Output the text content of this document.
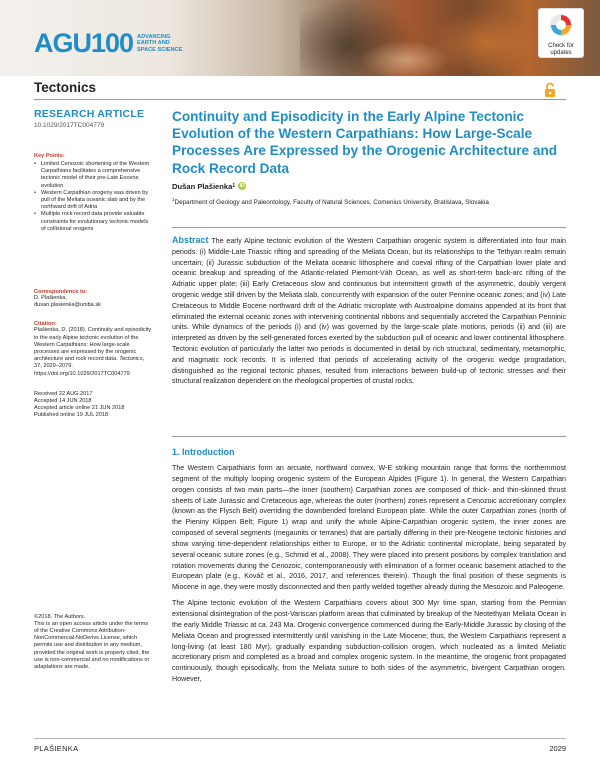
AGU100 ADVANCING
EARTH AND
SPACE SCIENCE
Check for
updates
Tectonics
RESEARCH ARTICLE
10.1029/2017TC004779
Key Points:
• Limited Cenozoic shortening of the Western Carpathians facilitates a comprehensive tectonic model of their pre-Late Eocene evolution
• Western Carpathian orogeny was driven by pull of the Meliata oceanic slab and by the northward drift of Adria
• Multiple rock record data provide valuable constraints for evolutionary tectonic models of collisional orogens
Correspondence to:
D. Plašienka,
dusan.plasienka@uniba.sk
Citation:
Plašienka, D. (2018). Continuity and episodicity in the early Alpine tectonic evolution of the Western Carpathians: How large-scale processes are expressed by the orogenic architecture and rock record data. Tectonics, 37, 2029–2079. https://doi.org/10.1029/2017TC004779
Received 22 AUG 2017
Accepted 14 JUN 2018
Accepted article online 21 JUN 2018
Published online 19 JUL 2018
©2018. The Authors.
This is an open access article under the terms of the Creative Commons Attribution-NonCommercial-NoDerivs License, which permits use and distribution in any medium, provided the original work is properly cited, the use is non-commercial and no modifications or adaptations are made.
Continuity and Episodicity in the Early Alpine Tectonic Evolution of the Western Carpathians: How Large-Scale Processes Are Expressed by the Orogenic Architecture and Rock Record Data
Dušan Plašienka 1 iD
$^1$Department of Geology and Paleontology, Faculty of Natural Sciences, Comenius University, Bratislava, Slovakia
Abstract The early Alpine tectonic evolution of the Western Carpathian orogenic system is differentiated into four main periods: (i) Middle-Late Triassic rifting and spreading of the Meliata Ocean, but its relationships to the Tethyan realm remain uncertain; (ii) Jurassic subduction of the Meliata oceanic lithosphere and coeval rifting of the Carpathian lower plate and oceanic breakup and spreading of the Atlantic-related Piemont-Váh Ocean, as well as short-term back-arc rifting of the Adriatic upper plate; (iii) Early Cretaceous slow and continuous but intermittent growth of the asymmetric, doubly vergent orogenic wedge still driven by the Meliata slab, concurrently with expansion of the outer Pennine oceanic zones; and (iv) Late Cretaceous to Middle Eocene northward drift of the Adriatic microplate with Austroalpine domains appended at its front that eliminated the external oceanic zones with intervening continental ribbons and sequentially accreted the Carpathian Penninic units. While dynamics of the periods (i) and (iv) was governed by the large-scale plate motions, periods (ii) and (iii) are interpreted as driven by the self-generated forces exerted by the subduction pull of oceanic and lower continental lithosphere. Tectonic evolution of particularly the latter two periods is documented in detail by rich structural, sedimentary, metamorphic, and magmatic rock records. It is inferred that periods of accelerating activity of the orogenic wedge progradation, distinguished as the regional tectonic phases, resulted from interactions between build-up of tectonic stresses and their structural realization dependent on the rheological properties of crustal rocks.
1. Introduction

The Western Carpathians form an arcuate, northward convex, W-E striking mountain range that forms the northernmost segment of the multiply looping orogenic system of the European Alpides (Figure 1). In general, the Western Carpathian orogen consists of two main parts—the inner (southern) Carpathian zones are composed of thick- and thin-skinned thrust sheets of Late Jurassic and Cretaceous age, whereas the outer (northern) zones represent a Cenozoic accretionary complex (known as the Flysch Belt) overriding the downbended foreland European plate. While the outer Carpathian zones (north of the Pieniny Klippen Belt; Figure 1) wrap and unify the whole Alpine-Carpathian orogenic system, the inner zones are composed of several segments (megaunits or terranes) that are partially differing in their pre-Neogene tectonic histories and show varying time-dependent relationships either to Europe, or to the Adriatic continental microplate, being separated by several oceanic suture zones (e.g., Schmid et al., 2008). They were placed into present positions by complex translation and rotation movements during the Cenozoic, contemporaneously with elimination of a former oceanic basement attached to the European plate (e.g., Kováč et al., 2016, 2017, and references therein). Though the final position of these segments is Miocene in age, they were mostly disconnected and then partly welded together already during the Mesozoic and Paleogene.

The Alpine tectonic evolution of the Western Carpathians covers about 300 Myr time span, starting from the Permian extensional disintegration of the post-Variscan platform areas that culminated by breakup of the Neotethyan Meliata Ocean in the early Middle Triassic at ca. 243 Ma. Orogenic convergence commenced during the Early-Middle Jurassic by closing of the Meliata Ocean and progressed intermittently until vanishing in the Late Miocene; thus, the Western Carpathians represent a long-living (at least 180 Myr), gradually expanding subduction-collision orogen, which nucleated as a limited Meliatic accretionary prism and completed as a broad and complex orogenic system. In the meantime, the orogenic front propagated continuously, though episodically, from the Meliata suture to both sides of the asymmetric, bivergent Carpathian orogen. However,

PLAŠIENKA	2029
